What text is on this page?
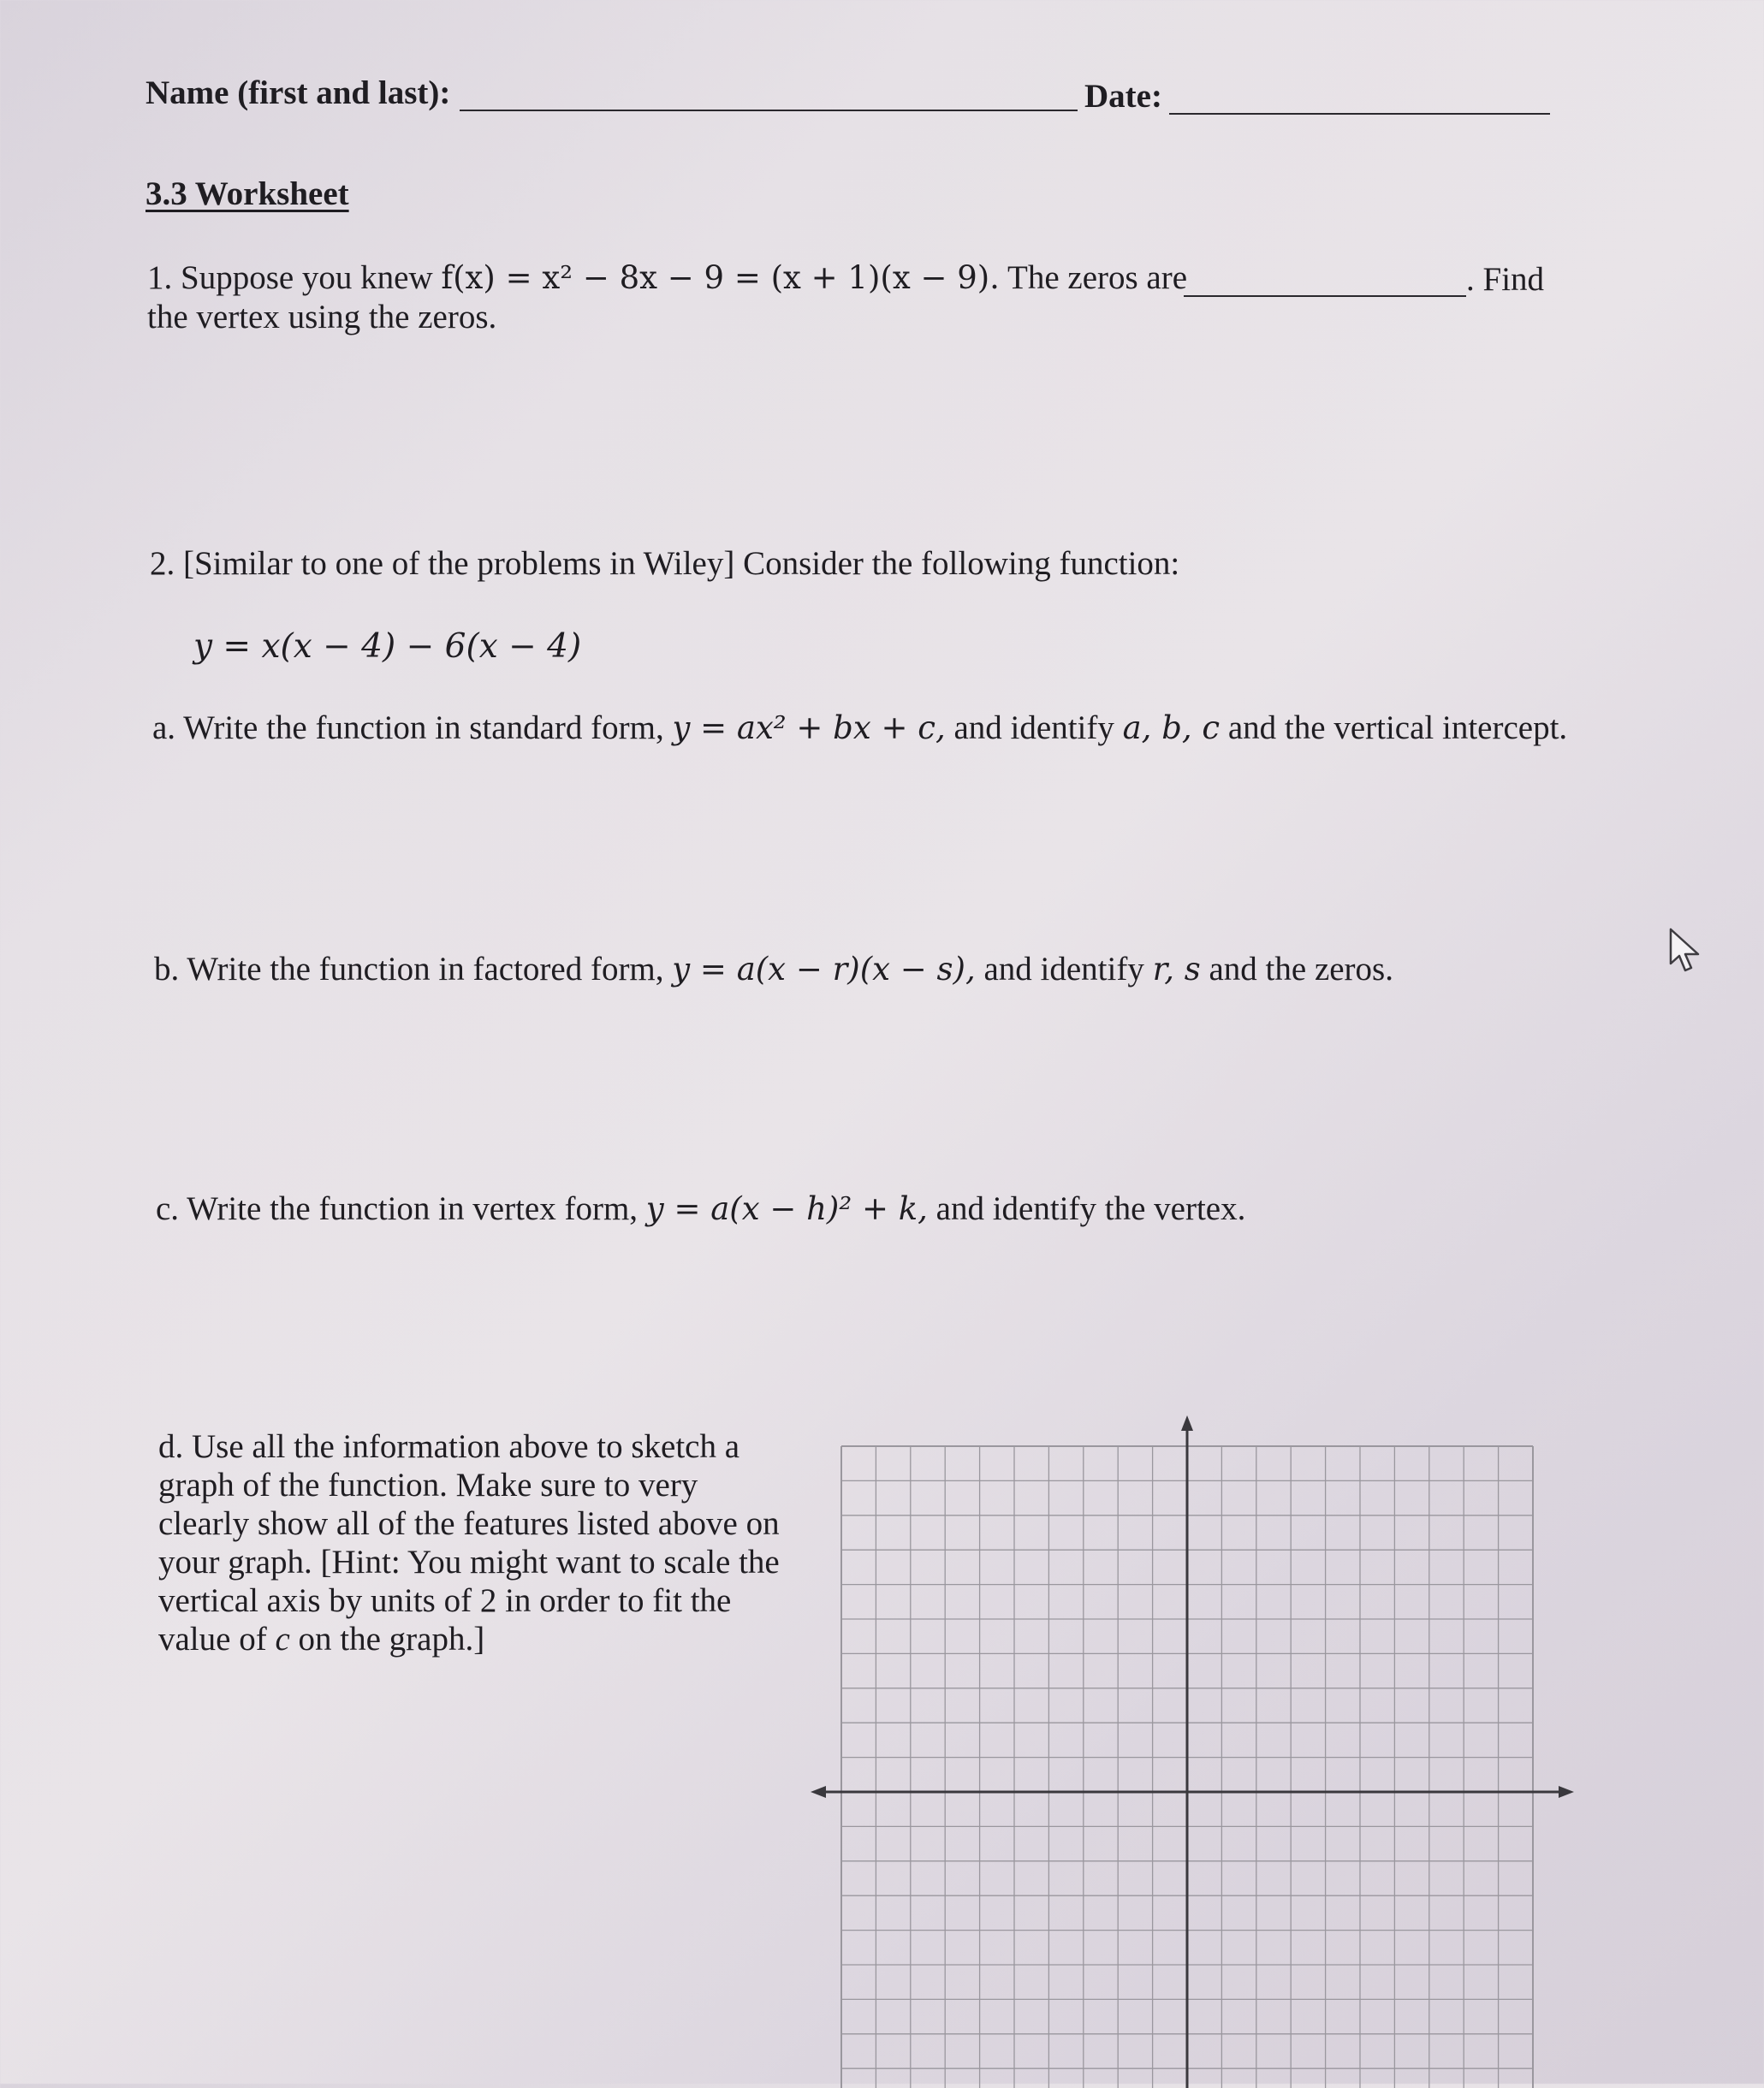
Name (first and last):	Date:
3.3 Worksheet
1. Suppose you knew f(x) = x² − 8x − 9 = (x + 1)(x − 9). The zeros are	. Find
the vertex using the zeros.
2. [Similar to one of the problems in Wiley] Consider the following function:
y = x(x − 4) − 6(x − 4)
a. Write the function in standard form, y = ax² + bx + c, and identify a, b, c and the vertical intercept.
b. Write the function in factored form, y = a(x − r)(x − s), and identify r, s and the zeros.
c. Write the function in vertex form, y = a(x − h)² + k, and identify the vertex.
d. Use all the information above to sketch a
graph of the function. Make sure to very
clearly show all of the features listed above on
your graph. [Hint: You might want to scale the
vertical axis by units of 2 in order to fit the
value of c on the graph.]
